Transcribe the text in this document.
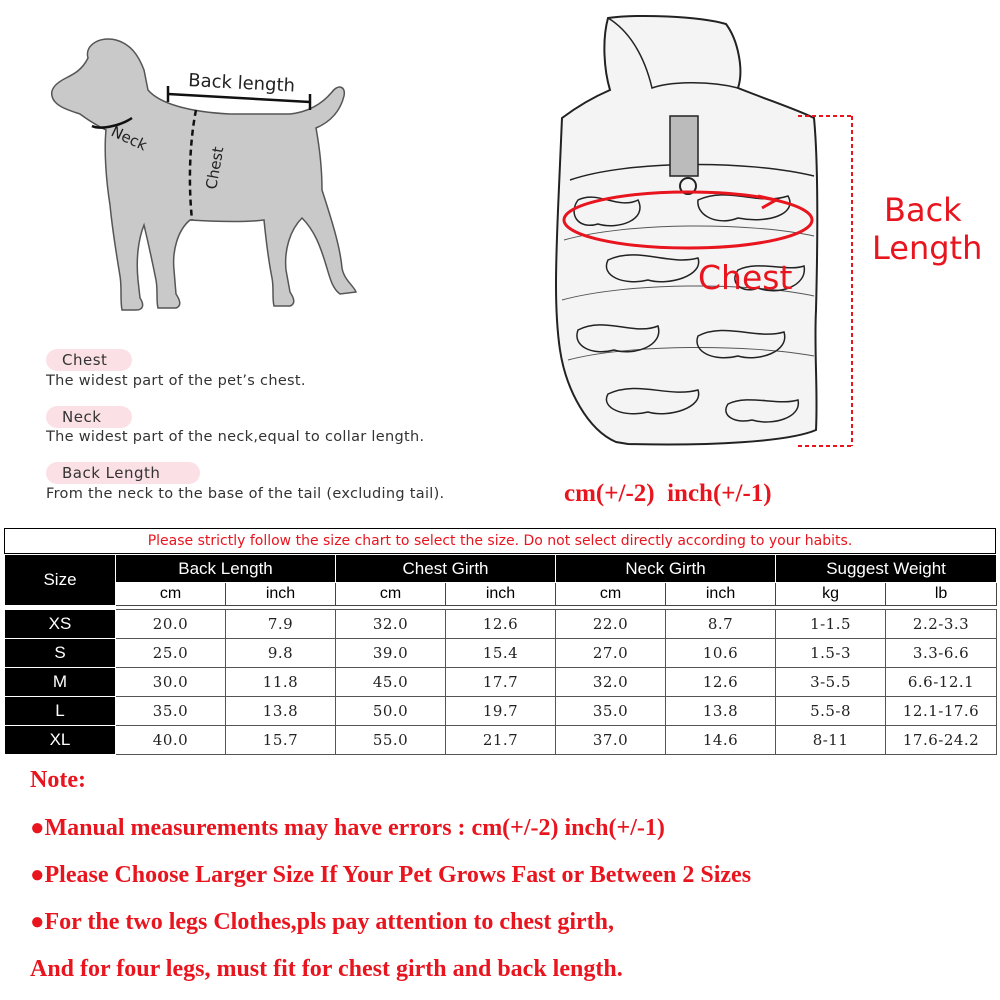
Back length
Neck
Chest
Chest
The widest part of the pet’s chest.
Neck
The widest part of the neck,equal to collar length.
Back Length
From the neck to the base of the tail (excluding tail).
Back
Length
Chest
cm(+/-2)  inch(+/-1)
Please strictly follow the size chart to select the size. Do not select directly according to your habits.
Size	Back Length		Chest Girth		Neck Girth		Suggest Weight	
	cm	inch	cm	inch	cm	inch	kg	lb

XS	20.0	7.9	32.0	12.6	22.0	8.7	1-1.5	2.2-3.3
S	25.0	9.8	39.0	15.4	27.0	10.6	1.5-3	3.3-6.6
M	30.0	11.8	45.0	17.7	32.0	12.6	3-5.5	6.6-12.1
L	35.0	13.8	50.0	19.7	35.0	13.8	5.5-8	12.1-17.6
XL	40.0	15.7	55.0	21.7	37.0	14.6	8-11	17.6-24.2
Note:
●Manual measurements may have errors : cm(+/-2) inch(+/-1)
●Please Choose Larger Size If Your Pet Grows Fast or Between 2 Sizes
●For the two legs Clothes,pls pay attention to chest girth,
And for four legs, must fit for chest girth and back length.
